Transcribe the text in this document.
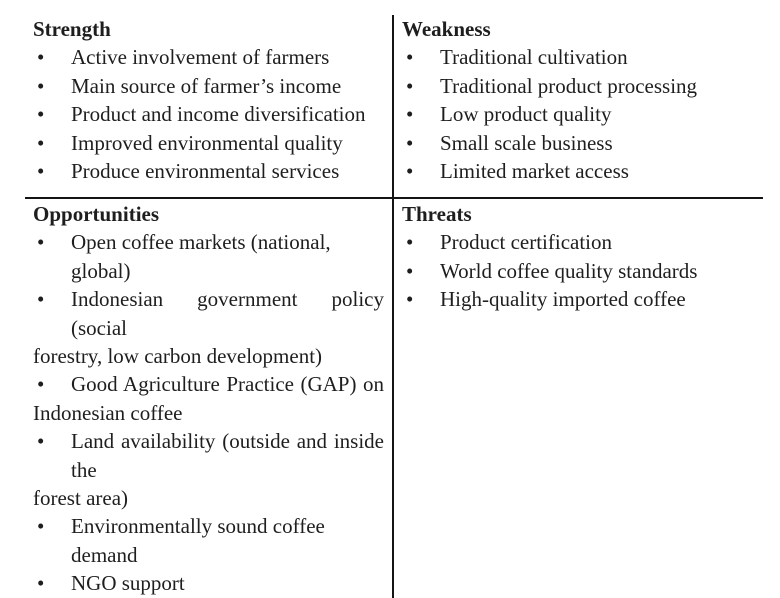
Strength
• Active involvement of farmers
• Main source of farmer’s income
• Product and income diversification
• Improved environmental quality
• Produce environmental services
Weakness
• Traditional cultivation
• Traditional product processing
• Low product quality
• Small scale business
• Limited market access
Opportunities
• Open coffee markets (national, global)
• Indonesian government policy (social
forestry, low carbon development)
• Good Agriculture Practice (GAP) on
Indonesian coffee
• Land availability (outside and inside the
forest area)
• Environmentally sound coffee demand
• NGO support
Threats
• Product certification
• World coffee quality standards
• High-quality imported coffee
